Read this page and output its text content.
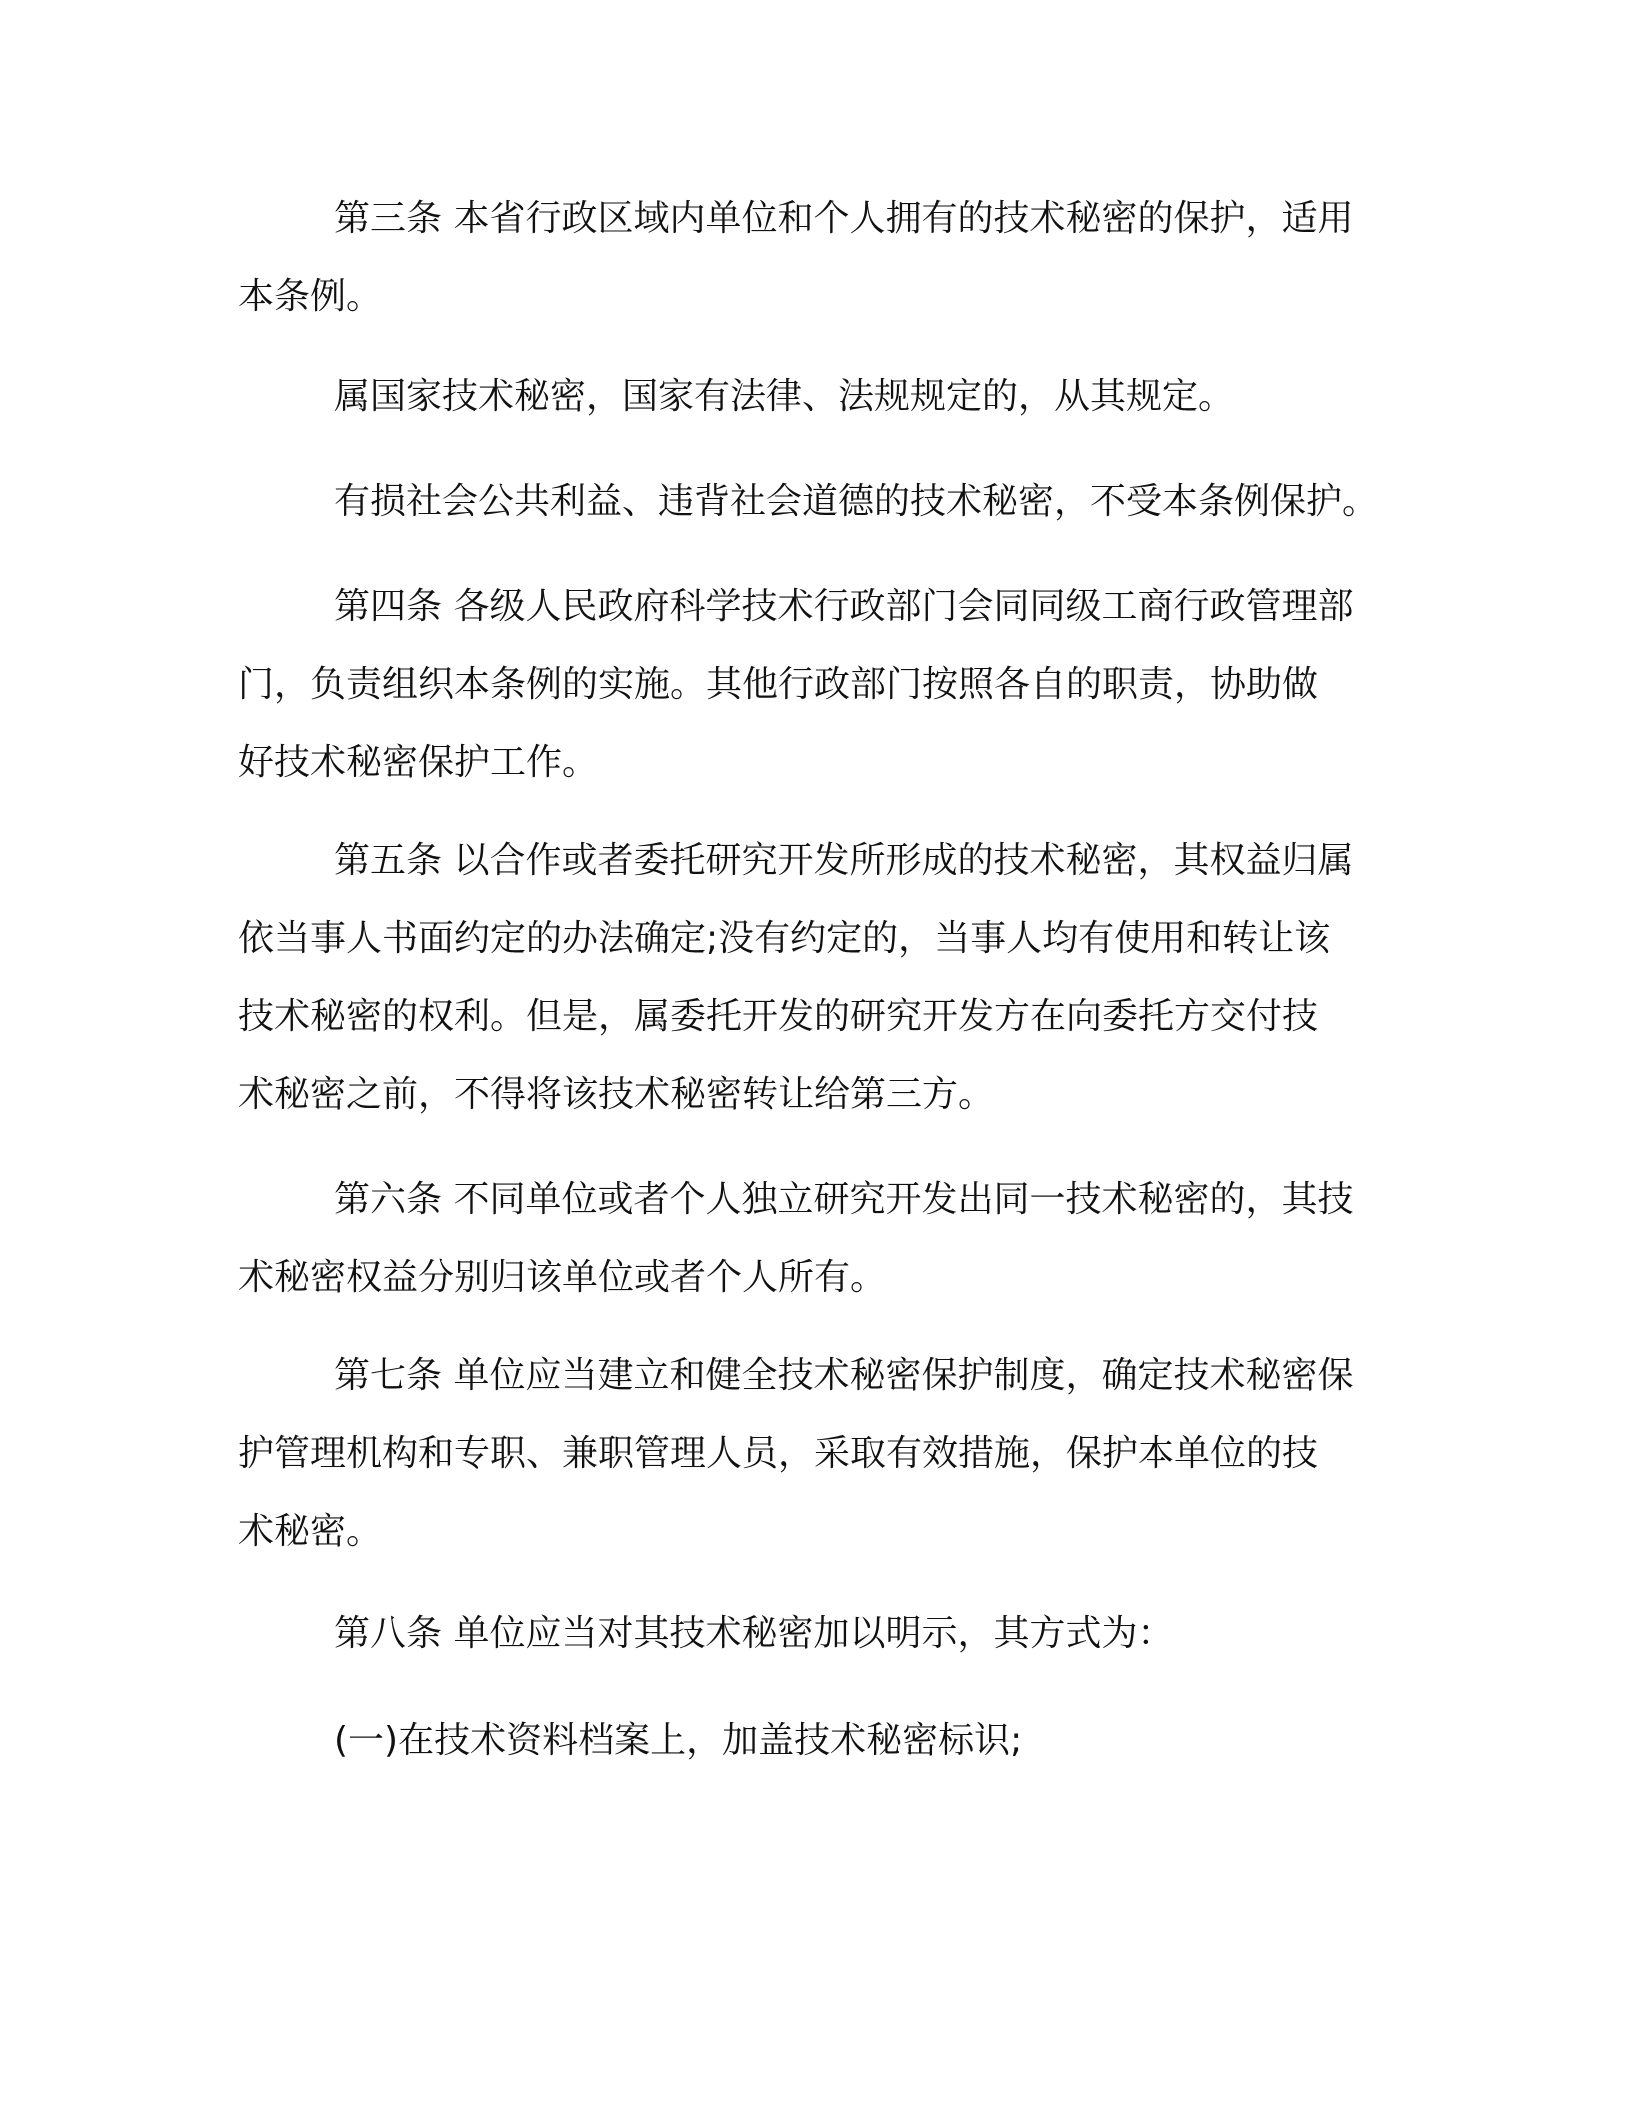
第三条 本省行政区域内单位和个人拥有的技术秘密的保护，适用
本条例。
属国家技术秘密，国家有法律、法规规定的，从其规定。
有损社会公共利益、违背社会道德的技术秘密，不受本条例保护。
第四条 各级人民政府科学技术行政部门会同同级工商行政管理部
门，负责组织本条例的实施。其他行政部门按照各自的职责，协助做
好技术秘密保护工作。
第五条 以合作或者委托研究开发所形成的技术秘密，其权益归属
依当事人书面约定的办法确定;没有约定的，当事人均有使用和转让该
技术秘密的权利。但是，属委托开发的研究开发方在向委托方交付技
术秘密之前，不得将该技术秘密转让给第三方。
第六条 不同单位或者个人独立研究开发出同一技术秘密的，其技
术秘密权益分别归该单位或者个人所有。
第七条 单位应当建立和健全技术秘密保护制度，确定技术秘密保
护管理机构和专职、兼职管理人员，采取有效措施，保护本单位的技
术秘密。
第八条 单位应当对其技术秘密加以明示，其方式为：
(一)在技术资料档案上，加盖技术秘密标识;
